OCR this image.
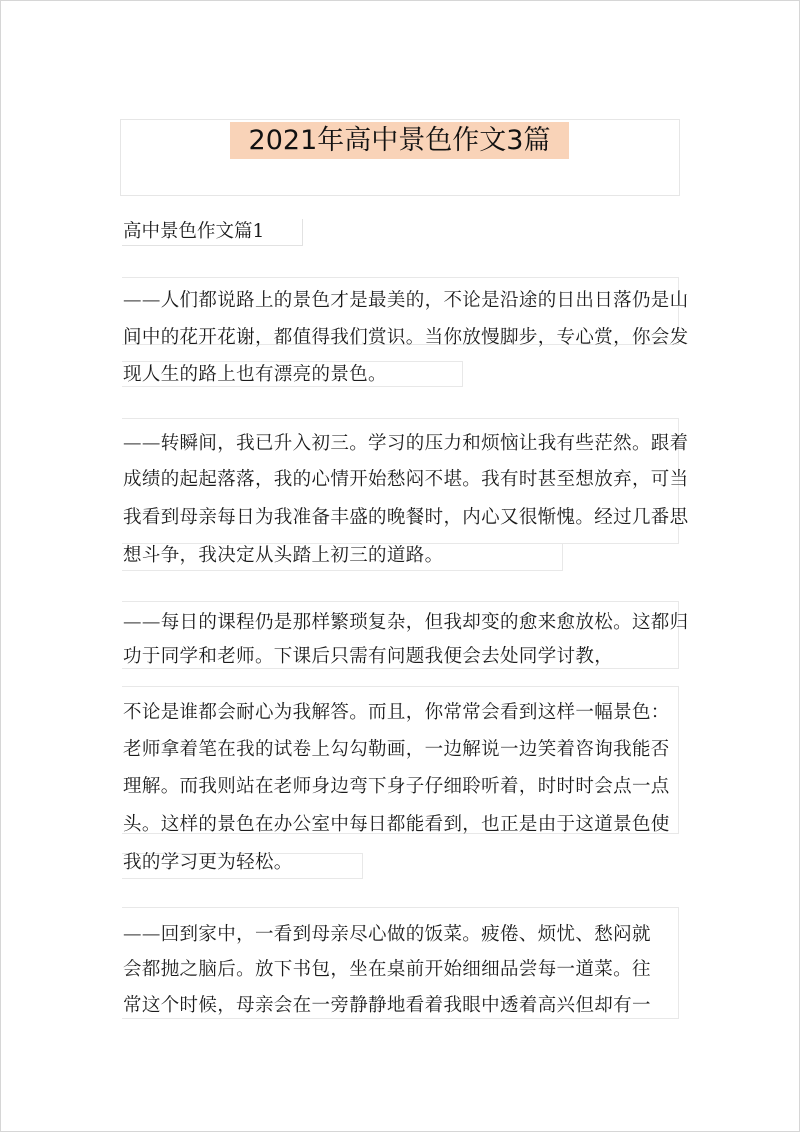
2021年高中景色作文3篇
高中景色作文篇1
——人们都说路上的景色才是最美的，不论是沿途的日出日落仍是山
间中的花开花谢，都值得我们赏识。当你放慢脚步，专心赏，你会发
现人生的路上也有漂亮的景色。
——转瞬间，我已升入初三。学习的压力和烦恼让我有些茫然。跟着
成绩的起起落落，我的心情开始愁闷不堪。我有时甚至想放弃，可当
我看到母亲每日为我准备丰盛的晚餐时，内心又很惭愧。经过几番思
想斗争，我决定从头踏上初三的道路。
——每日的课程仍是那样繁琐复杂，但我却变的愈来愈放松。这都归
功于同学和老师。下课后只需有问题我便会去处同学讨教，
不论是谁都会耐心为我解答。而且，你常常会看到这样一幅景色：
老师拿着笔在我的试卷上勾勾勒画，一边解说一边笑着咨询我能否
理解。而我则站在老师身边弯下身子仔细聆听着，时时时会点一点
头。这样的景色在办公室中每日都能看到，也正是由于这道景色使
我的学习更为轻松。
——回到家中，一看到母亲尽心做的饭菜。疲倦、烦忧、愁闷就
会都抛之脑后。放下书包，坐在桌前开始细细品尝每一道菜。往
常这个时候，母亲会在一旁静静地看着我眼中透着高兴但却有一
